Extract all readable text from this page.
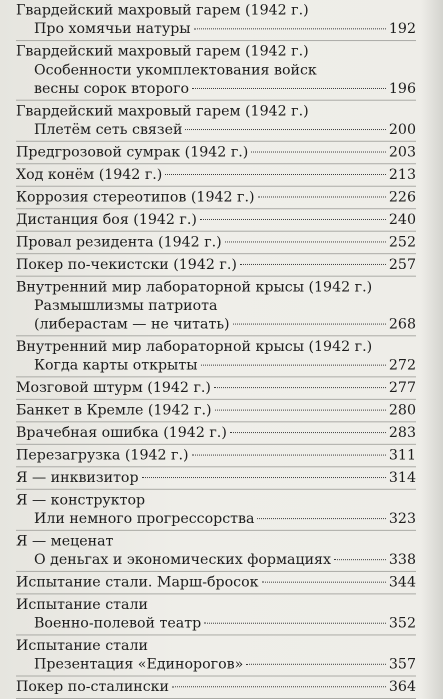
Гвардейский махровый гарем (1942 г.)
Про хомячьи натуры	192
Гвардейский махровый гарем (1942 г.)
Особенности укомплектования войск
весны сорок второго	196
Гвардейский махровый гарем (1942 г.)
Плетём сеть связей	200
Предгрозовой сумрак (1942 г.)	203
Ход конём (1942 г.)	213
Коррозия стереотипов (1942 г.)	226
Дистанция боя (1942 г.)	240
Провал резидента (1942 г.)	252
Покер по-чекистски (1942 г.)	257
Внутренний мир лабораторной крысы (1942 г.)
Размышлизмы патриота
(либерастам — не читать)	268
Внутренний мир лабораторной крысы (1942 г.)
Когда карты открыты	272
Мозговой штурм (1942 г.)	277
Банкет в Кремле (1942 г.)	280
Врачебная ошибка (1942 г.)	283
Перезагрузка (1942 г.)	311
Я — инквизитор	314
Я — конструктор
Или немного прогрессорства	323
Я — меценат
О деньгах и экономических формациях	338
Испытание стали. Марш-бросок	344
Испытание стали
Военно-полевой театр	352
Испытание стали
Презентация «Единорогов»	357
Покер по-сталински	364
